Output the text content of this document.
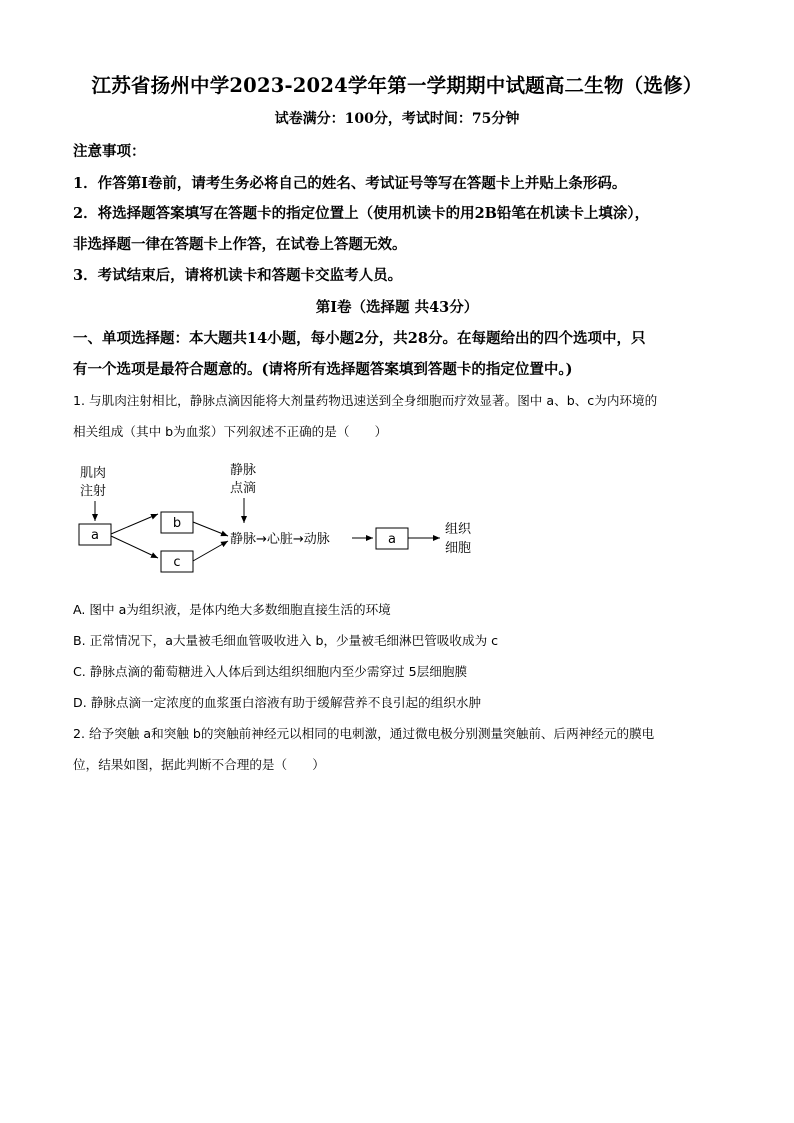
江苏省扬州中学2023-2024学年第一学期期中试题高二生物（选修）
试卷满分：100分，考试时间：75分钟
注意事项：
1．作答第Ⅰ卷前，请考生务必将自己的姓名、考试证号等写在答题卡上并贴上条形码。
2．将选择题答案填写在答题卡的指定位置上（使用机读卡的用2B铅笔在机读卡上填涂），
非选择题一律在答题卡上作答，在试卷上答题无效。
3．考试结束后，请将机读卡和答题卡交监考人员。
第Ⅰ卷（选择题 共43分）
一、单项选择题：本大题共14小题，每小题2分，共28分。在每题给出的四个选项中，只
有一个选项是最符合题意的。(请将所有选择题答案填到答题卡的指定位置中。)
1. 与肌肉注射相比，静脉点滴因能将大剂量药物迅速送到全身细胞而疗效显著。图中 a、b、c为内环境的
相关组成（其中 b为血浆）下列叙述不正确的是（　　）
肌肉
注射
a
b
c
静脉
点滴
静脉→心脏→动脉	a
组织
细胞
A. 图中 a为组织液，是体内绝大多数细胞直接生活的环境
B. 正常情况下，a大量被毛细血管吸收进入 b，少量被毛细淋巴管吸收成为 c
C. 静脉点滴的葡萄糖进入人体后到达组织细胞内至少需穿过 5层细胞膜
D. 静脉点滴一定浓度的血浆蛋白溶液有助于缓解营养不良引起的组织水肿
2. 给予突触 a和突触 b的突触前神经元以相同的电刺激，通过微电极分别测量突触前、后两神经元的膜电
位，结果如图，据此判断不合理的是（　　）
